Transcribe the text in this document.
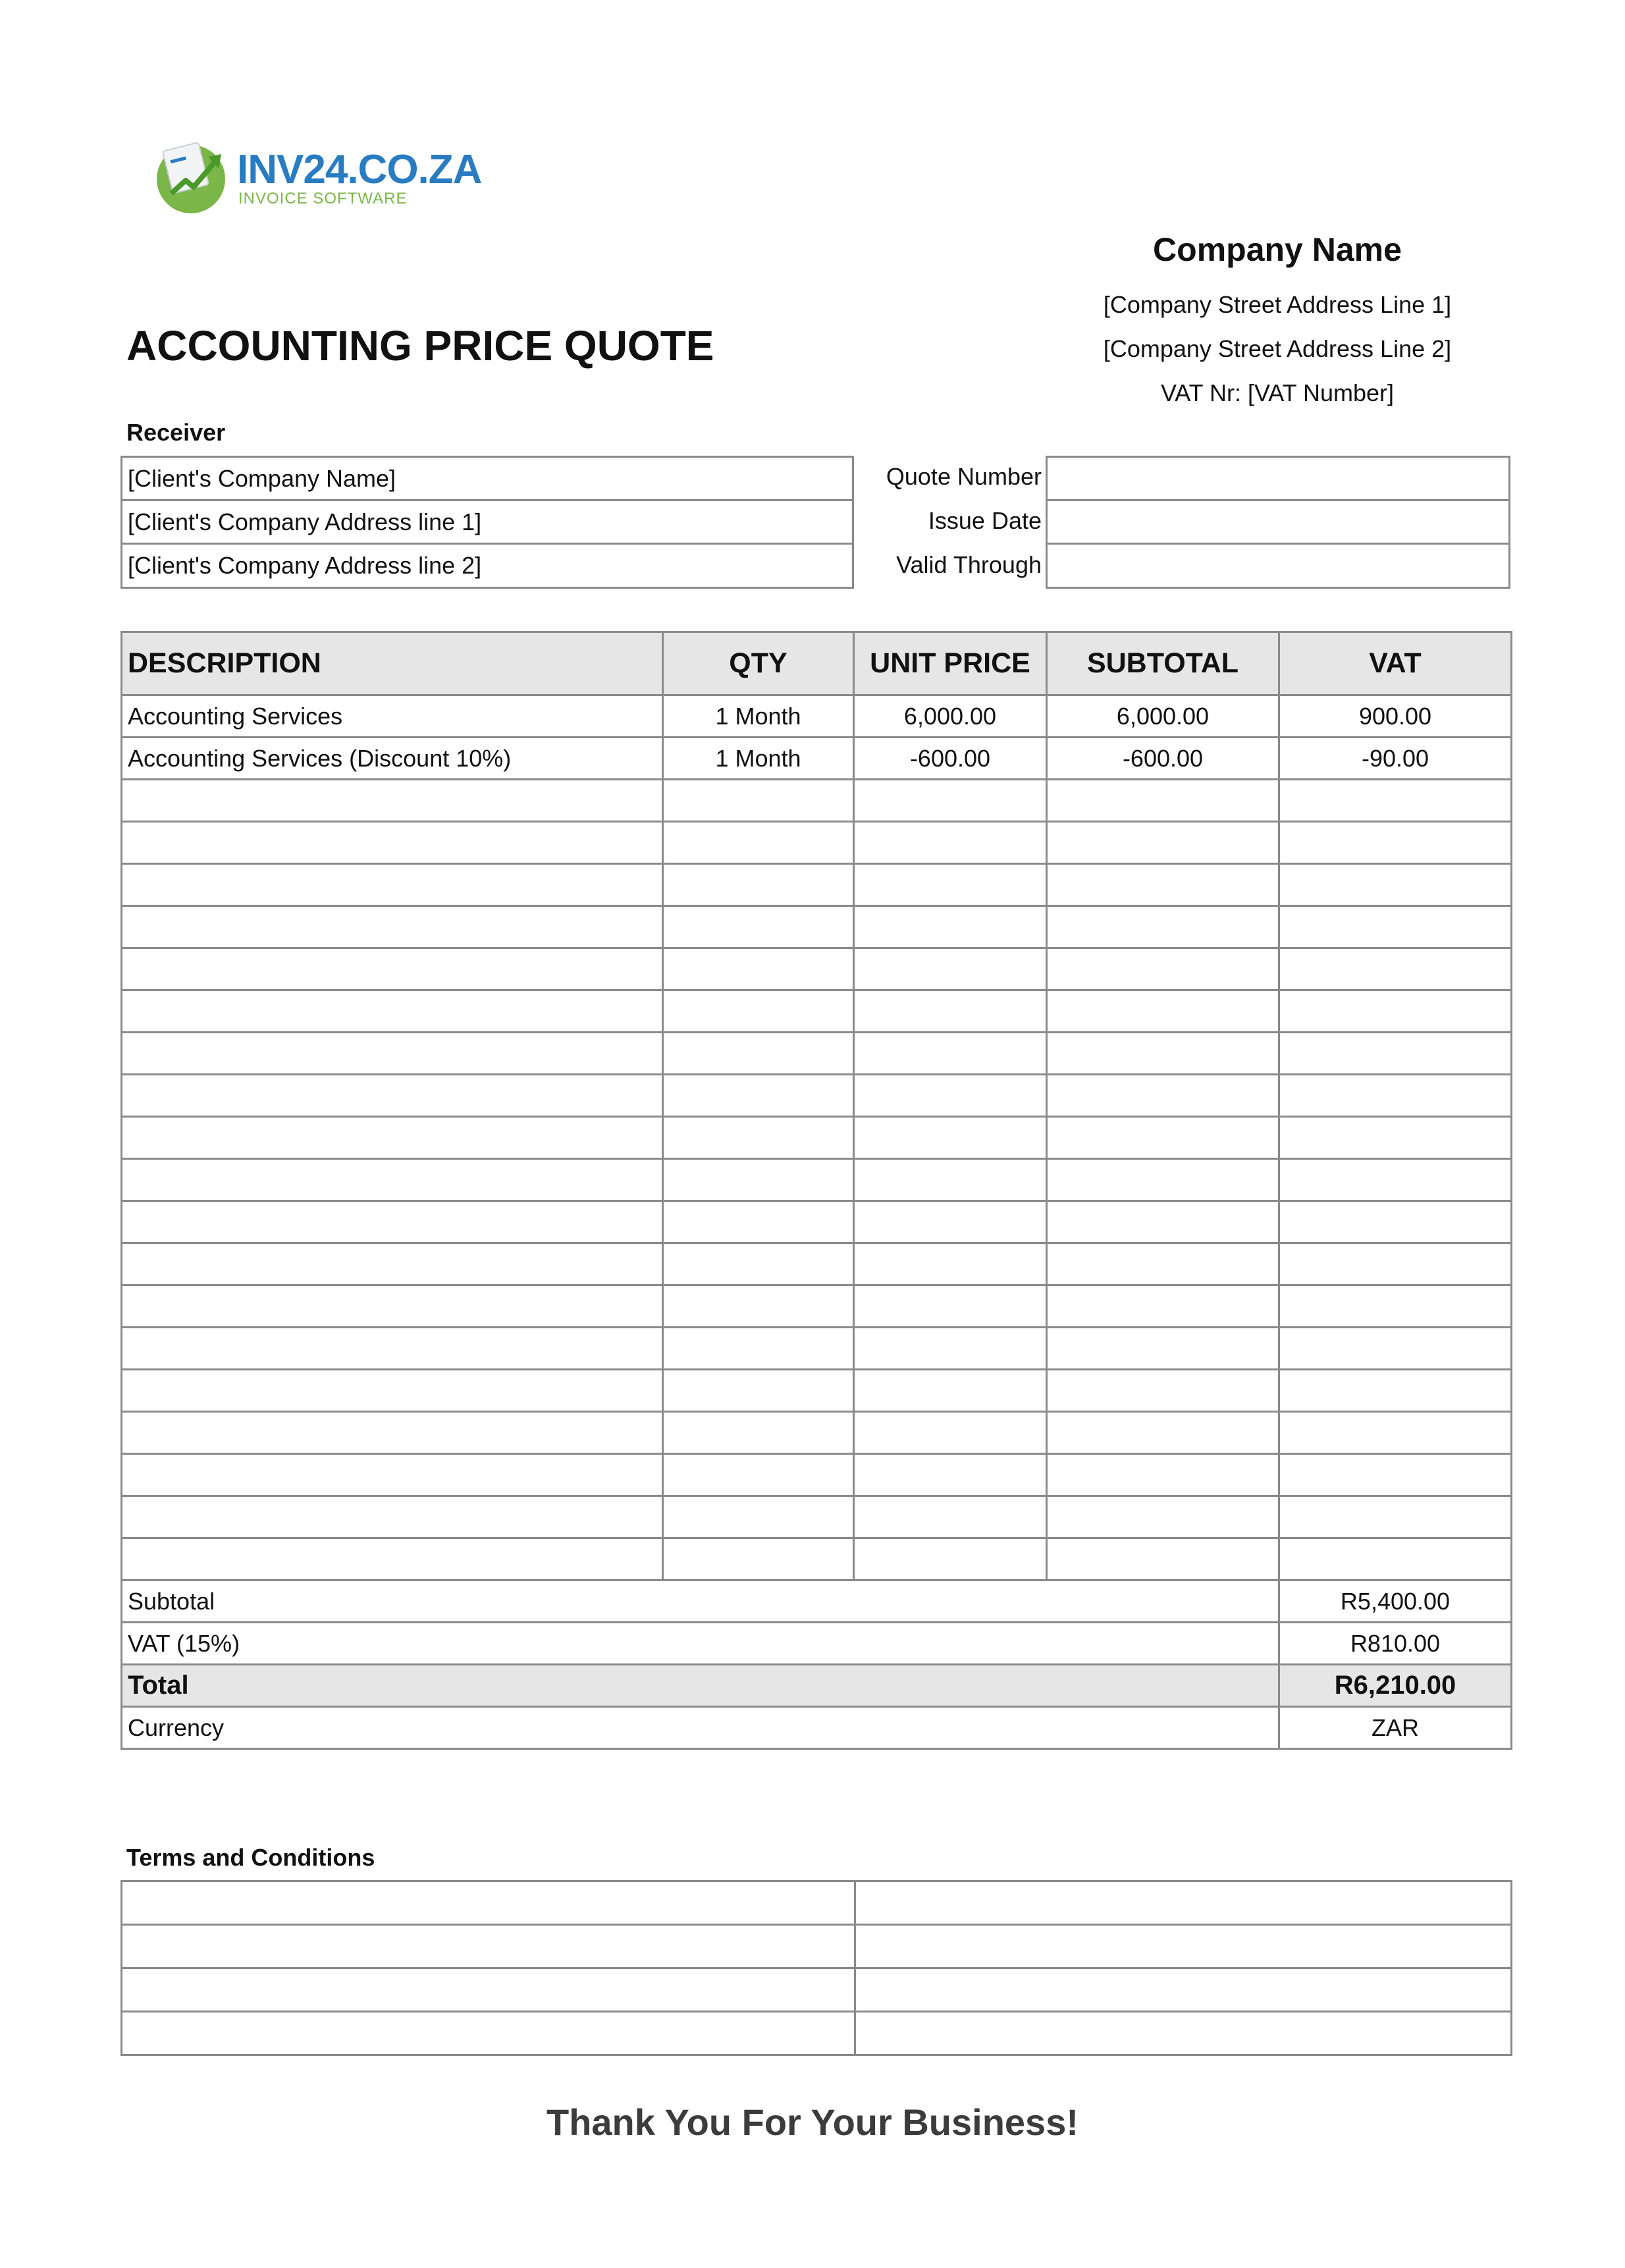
INV24.CO.ZA
INVOICE SOFTWARE
Company Name
[Company Street Address Line 1]
[Company Street Address Line 2]
VAT Nr: [VAT Number]
ACCOUNTING PRICE QUOTE
Receiver
[Client's Company Name]
[Client's Company Address line 1]
[Client's Company Address line 2]
Quote Number
Issue Date
Valid Through
DESCRIPTION	QTY	UNIT PRICE	SUBTOTAL	VAT
Accounting Services	1 Month	6,000.00	6,000.00	900.00
Accounting Services (Discount 10%)	1 Month	-600.00	-600.00	-90.00

Subtotal				R5,400.00
VAT (15%)				R810.00
Total				R6,210.00
Currency				ZAR
Terms and Conditions

Thank You For Your Business!
